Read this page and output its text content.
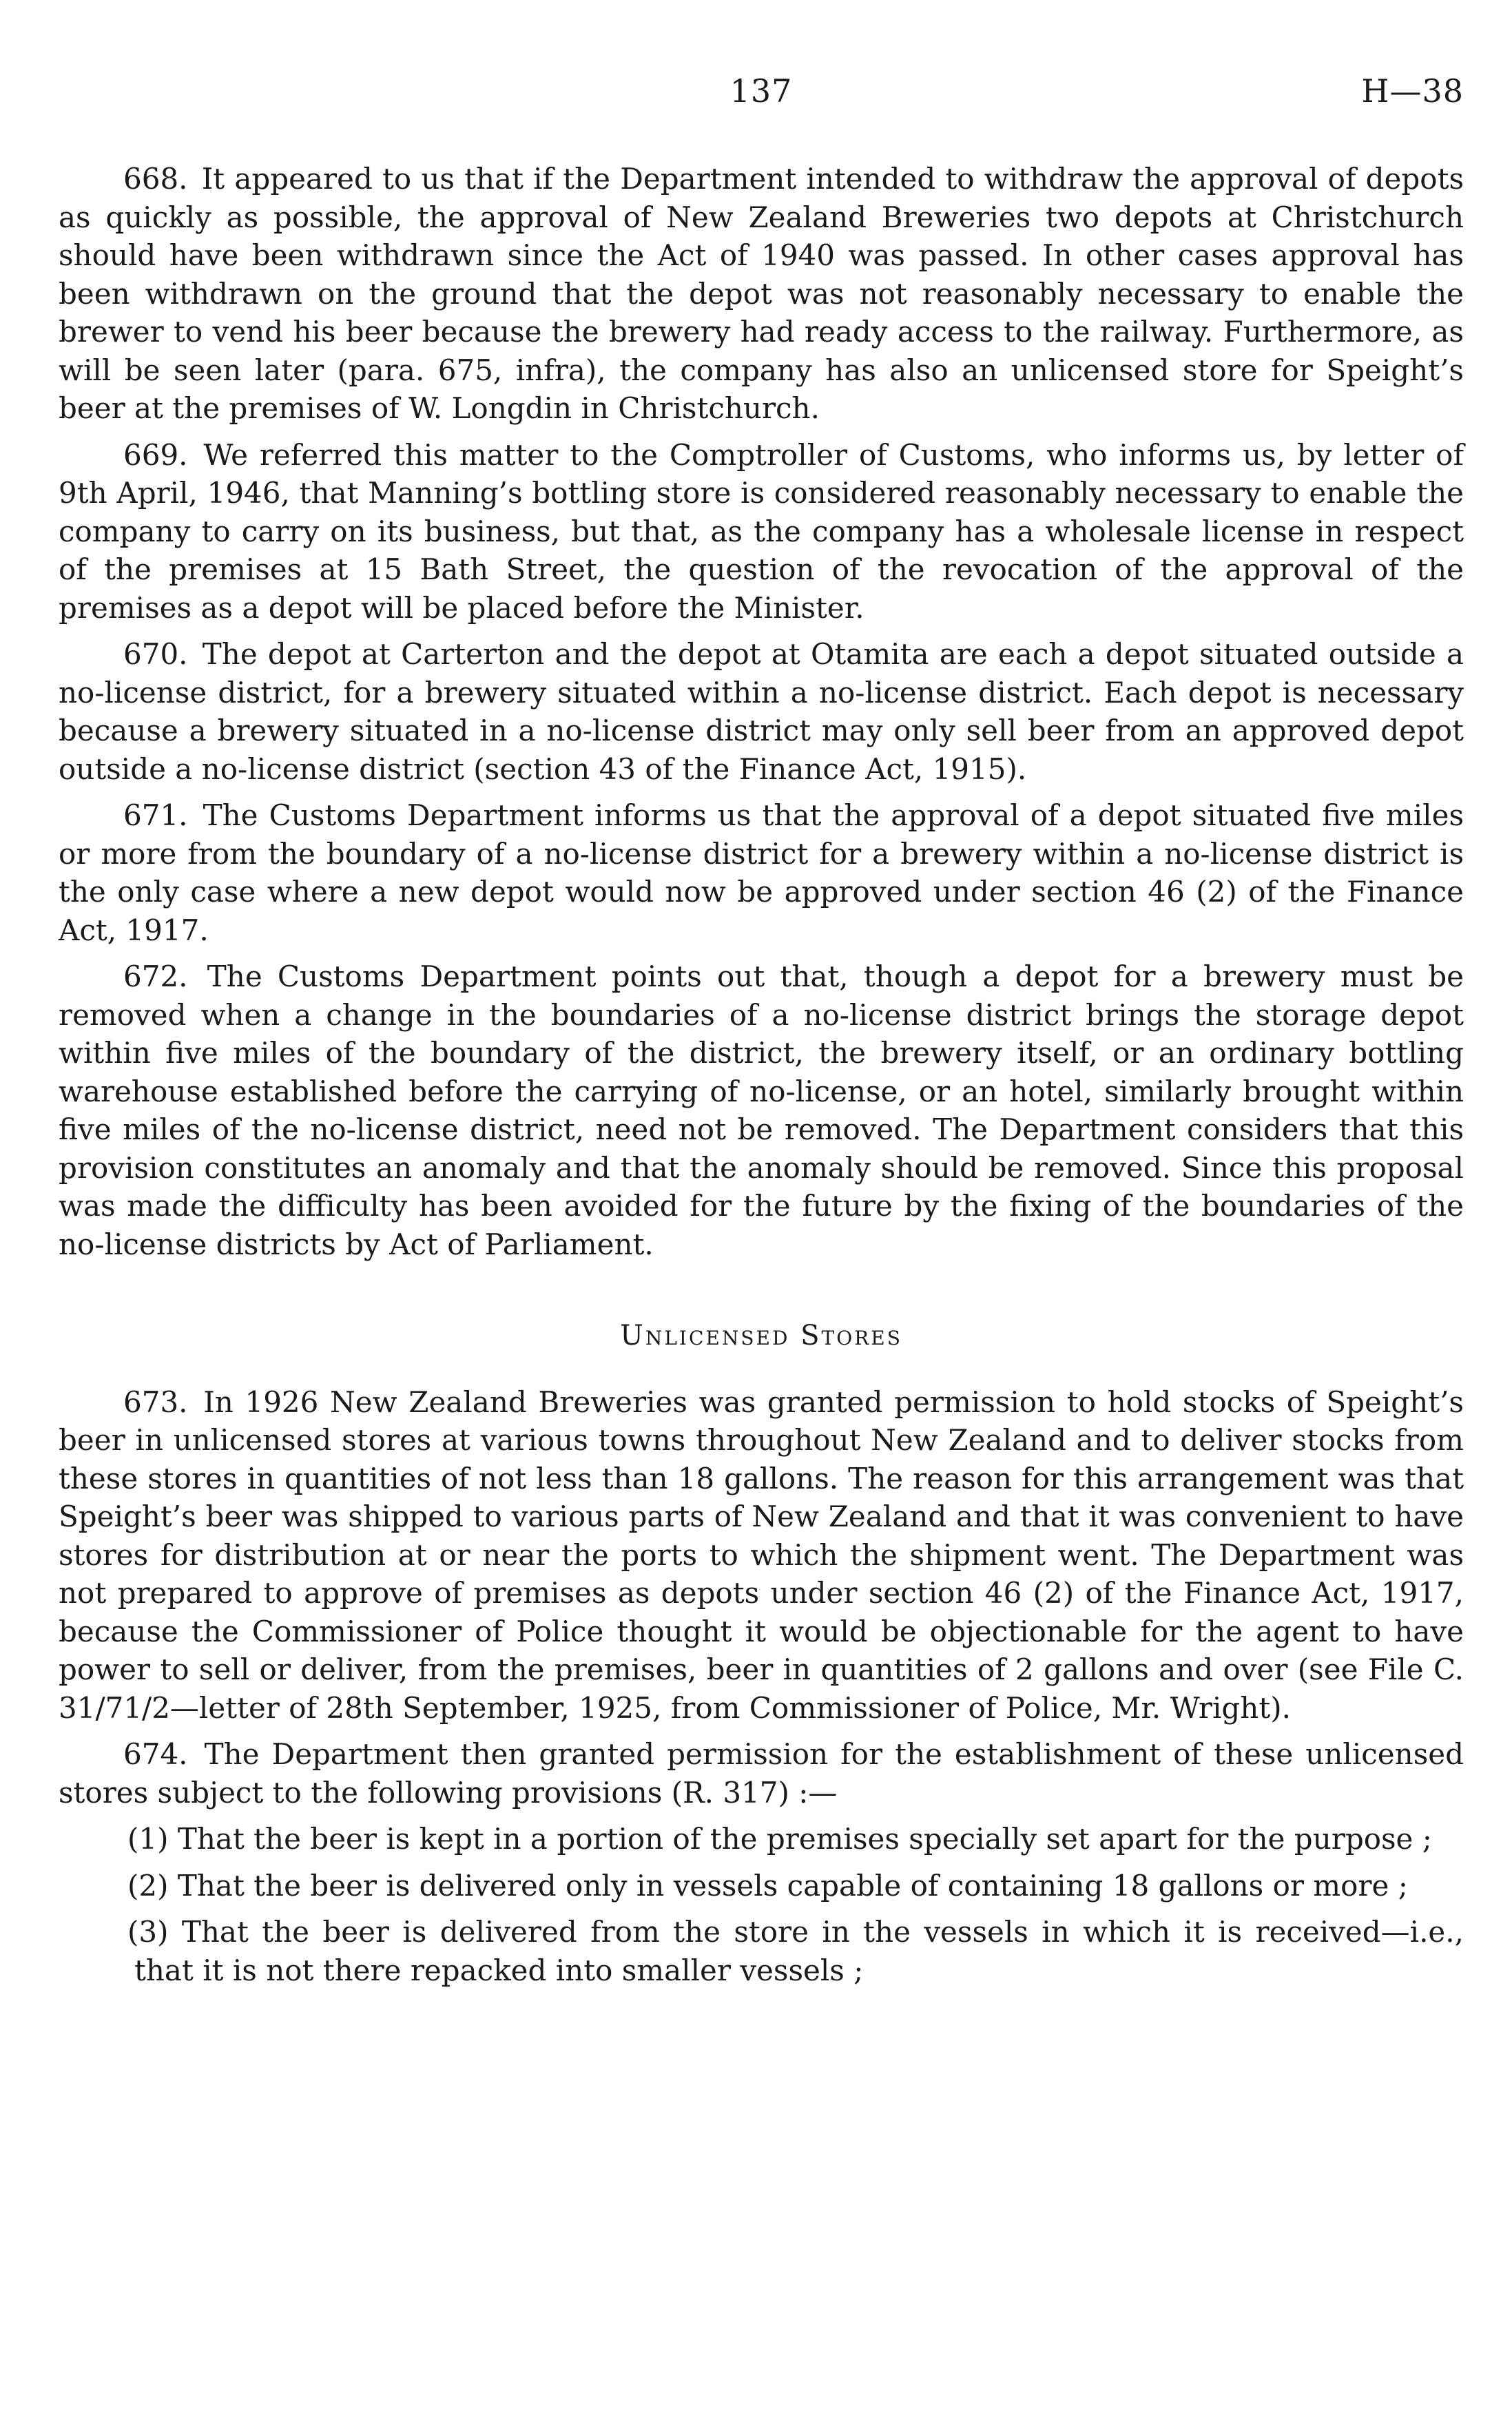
137	H—38

668. It appeared to us that if the Department intended to withdraw the approval of depots as quickly as possible, the approval of New Zealand Breweries two depots at Christchurch should have been withdrawn since the Act of 1940 was passed. In other cases approval has been withdrawn on the ground that the depot was not reasonably necessary to enable the brewer to vend his beer because the brewery had ready access to the railway. Furthermore, as will be seen later (para. 675, infra), the company has also an unlicensed store for Speight’s beer at the premises of W. Longdin in Christchurch.

669. We referred this matter to the Comptroller of Customs, who informs us, by letter of 9th April, 1946, that Manning’s bottling store is considered reasonably necessary to enable the company to carry on its business, but that, as the company has a wholesale license in respect of the premises at 15 Bath Street, the question of the revocation of the approval of the premises as a depot will be placed before the Minister.

670. The depot at Carterton and the depot at Otamita are each a depot situated outside a no-license district, for a brewery situated within a no-license district. Each depot is necessary because a brewery situated in a no-license district may only sell beer from an approved depot outside a no-license district (section 43 of the Finance Act, 1915).

671. The Customs Department informs us that the approval of a depot situated five miles or more from the boundary of a no-license district for a brewery within a no-license district is the only case where a new depot would now be approved under section 46 (2) of the Finance Act, 1917.

672. The Customs Department points out that, though a depot for a brewery must be removed when a change in the boundaries of a no-license district brings the storage depot within five miles of the boundary of the district, the brewery itself, or an ordinary bottling warehouse established before the carrying of no-license, or an hotel, similarly brought within five miles of the no-license district, need not be removed. The Department considers that this provision constitutes an anomaly and that the anomaly should be removed. Since this proposal was made the difficulty has been avoided for the future by the fixing of the boundaries of the no-license districts by Act of Parliament.

Unlicensed Stores

673. In 1926 New Zealand Breweries was granted permission to hold stocks of Speight’s beer in unlicensed stores at various towns throughout New Zealand and to deliver stocks from these stores in quantities of not less than 18 gallons. The reason for this arrangement was that Speight’s beer was shipped to various parts of New Zealand and that it was convenient to have stores for distribution at or near the ports to which the shipment went. The Department was not prepared to approve of premises as depots under section 46 (2) of the Finance Act, 1917, because the Commissioner of Police thought it would be objectionable for the agent to have power to sell or deliver, from the premises, beer in quantities of 2 gallons and over (see File C. 31/71/2—letter of 28th September, 1925, from Commissioner of Police, Mr. Wright).

674. The Department then granted permission for the establishment of these unlicensed stores subject to the following provisions (R. 317) :—

(1) That the beer is kept in a portion of the premises specially set apart for the purpose ;

(2) That the beer is delivered only in vessels capable of containing 18 gallons or more ;

(3) That the beer is delivered from the store in the vessels in which it is received—i.e., that it is not there repacked into smaller vessels ;
